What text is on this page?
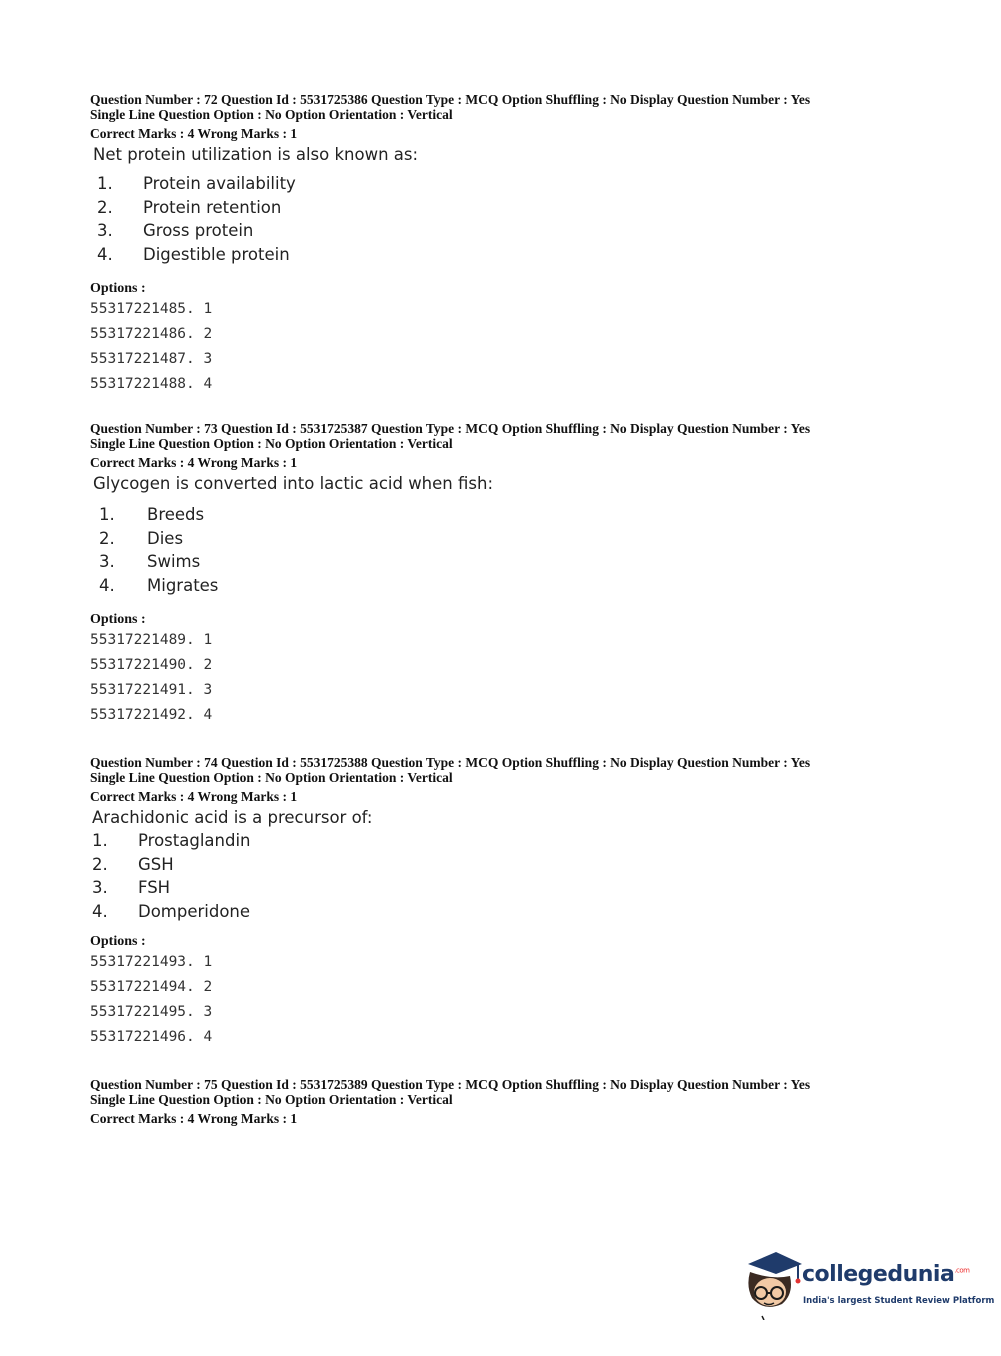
Question Number : 72 Question Id : 5531725386 Question Type : MCQ Option Shuffling : No Display Question Number : Yes

Single Line Question Option : No Option Orientation : Vertical

Correct Marks : 4 Wrong Marks : 1
Net protein utilization is also known as:
1.	Protein availability
2.	Protein retention
3.	Gross protein
4.	Digestible protein
Options :
55317221485. 1
55317221486. 2
55317221487. 3
55317221488. 4

Question Number : 73 Question Id : 5531725387 Question Type : MCQ Option Shuffling : No Display Question Number : Yes

Single Line Question Option : No Option Orientation : Vertical

Correct Marks : 4 Wrong Marks : 1
Glycogen is converted into lactic acid when fish:
1.	Breeds
2.	Dies
3.	Swims
4.	Migrates
Options :
55317221489. 1
55317221490. 2
55317221491. 3
55317221492. 4

Question Number : 74 Question Id : 5531725388 Question Type : MCQ Option Shuffling : No Display Question Number : Yes

Single Line Question Option : No Option Orientation : Vertical

Correct Marks : 4 Wrong Marks : 1
Arachidonic acid is a precursor of:
1.	Prostaglandin
2.	GSH
3.	FSH
4.	Domperidone
Options :
55317221493. 1
55317221494. 2
55317221495. 3
55317221496. 4

Question Number : 75 Question Id : 5531725389 Question Type : MCQ Option Shuffling : No Display Question Number : Yes

Single Line Question Option : No Option Orientation : Vertical

Correct Marks : 4 Wrong Marks : 1
collegedunia$^{.com}$
India's largest Student Review Platform
